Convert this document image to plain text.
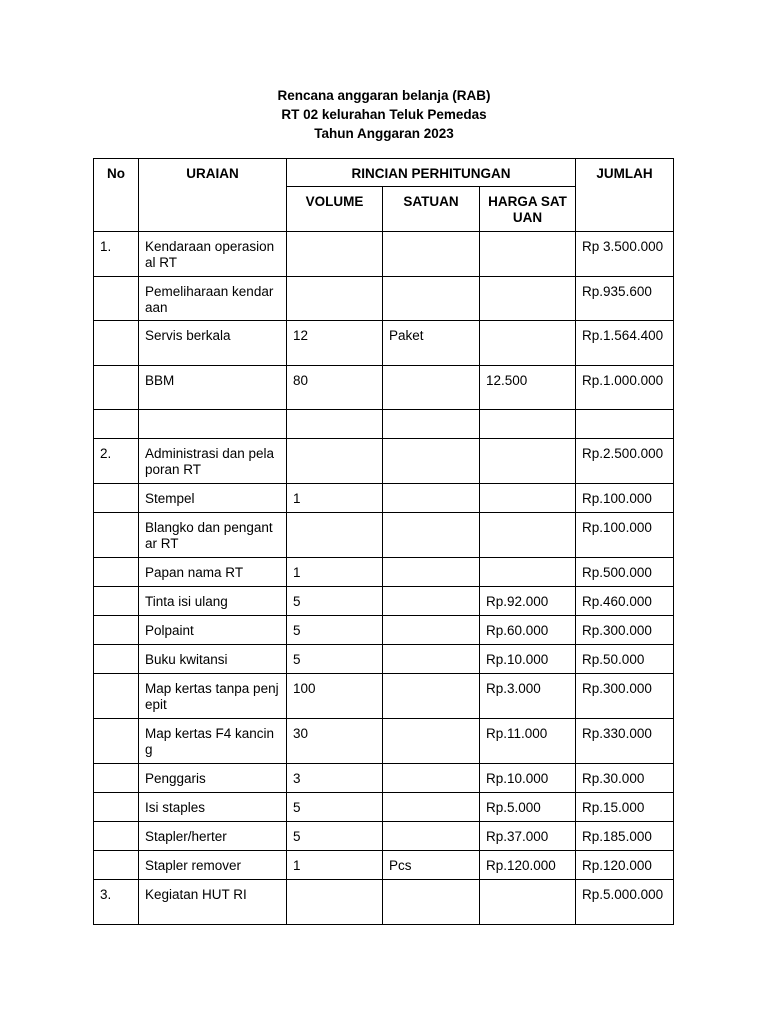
Rencana anggaran belanja (RAB)
RT 02 kelurahan Teluk Pemedas
Tahun Anggaran 2023
No	URAIAN	RINCIAN PERHITUNGAN			JUMLAH
		VOLUME	SATUAN	HARGA SATUAN	
1.	Kendaraan operasional RT				Rp 3.500.000
	Pemeliharaan kendaraan				Rp.935.600
	Servis berkala	12	Paket		Rp.1.564.400
	BBM	80		12.500	Rp.1.000.000

2.	Administrasi dan pelaporan RT				Rp.2.500.000
	Stempel	1			Rp.100.000
	Blangko dan pengantar RT				Rp.100.000
	Papan nama RT	1			Rp.500.000
	Tinta isi ulang	5		Rp.92.000	Rp.460.000
	Polpaint	5		Rp.60.000	Rp.300.000
	Buku kwitansi	5		Rp.10.000	Rp.50.000
	Map kertas tanpa penjepit	100		Rp.3.000	Rp.300.000
	Map kertas F4 kancing	30		Rp.11.000	Rp.330.000
	Penggaris	3		Rp.10.000	Rp.30.000
	Isi staples	5		Rp.5.000	Rp.15.000
	Stapler/herter	5		Rp.37.000	Rp.185.000
	Stapler remover	1	Pcs	Rp.120.000	Rp.120.000
3.	Kegiatan HUT RI				Rp.5.000.000
